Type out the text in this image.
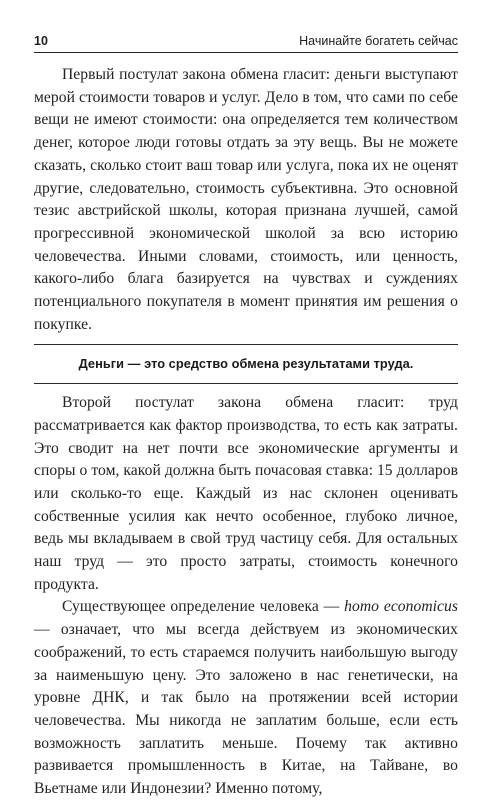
10	Начинайте богатеть сейчас

Первый постулат закона обмена гласит: деньги выступают мерой стоимости товаров и услуг. Дело в том, что сами по себе вещи не имеют стоимости: она определяется тем количеством денег, которое люди готовы отдать за эту вещь. Вы не можете сказать, сколько стоит ваш товар или услуга, пока их не оценят другие, следовательно, стоимость субъективна. Это основной тезис австрийской школы, которая признана лучшей, самой прогрессивной экономической школой за всю историю человечества. Иными словами, стоимость, или ценность, какого-либо блага базируется на чувствах и суждениях потенциального покупателя в момент принятия им решения о покупке.

Деньги — это средство обмена результатами труда.

Второй постулат закона обмена гласит: труд рассматривается как фактор производства, то есть как затраты. Это сводит на нет почти все экономические аргументы и споры о том, какой должна быть почасовая ставка: 15 долларов или сколько-то еще. Каждый из нас склонен оценивать собственные усилия как нечто особенное, глубоко личное, ведь мы вкладываем в свой труд частицу себя. Для остальных наш труд — это просто затраты, стоимость конечного продукта.

Существующее определение человека — homo economicus — означает, что мы всегда действуем из экономических соображений, то есть стараемся получить наибольшую выгоду за наименьшую цену. Это заложено в нас генетически, на уровне ДНК, и так было на протяжении всей истории человечества. Мы никогда не заплатим больше, если есть возможность заплатить меньше. Почему так активно развивается промышленность в Китае, на Тайване, во Вьетнаме или Индонезии? Именно потому,
